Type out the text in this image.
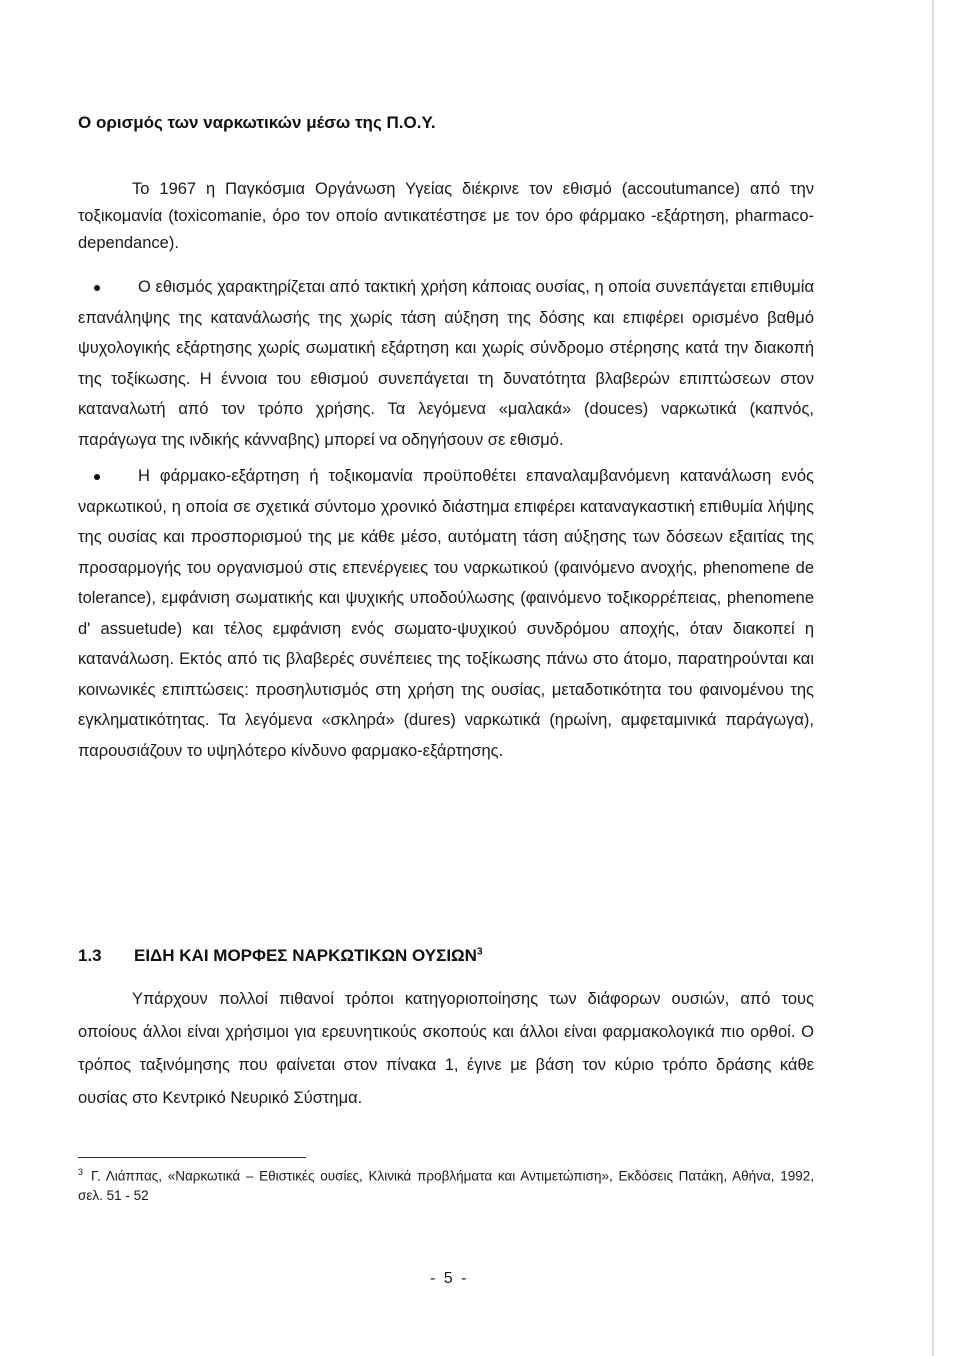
Ο ορισμός των ναρκωτικών μέσω της Π.Ο.Υ.
Το 1967 η Παγκόσμια Οργάνωση Υγείας διέκρινε τον εθισμό (accoutumance) από την τοξικομανία (toxicomanie, όρο τον οποίο αντικατέστησε με τον όρο φάρμακο -εξάρτηση, pharmaco-dependance).
Ο εθισμός χαρακτηρίζεται από τακτική χρήση κάποιας ουσίας, η οποία συνεπάγεται επιθυμία επανάληψης της κατανάλωσής της χωρίς τάση αύξηση της δόσης και επιφέρει ορισμένο βαθμό ψυχολογικής εξάρτησης χωρίς σωματική εξάρτηση και χωρίς σύνδρομο στέρησης κατά την διακοπή της τοξίκωσης. Η έννοια του εθισμού συνεπάγεται τη δυνατότητα βλαβερών επιπτώσεων στον καταναλωτή από τον τρόπο χρήσης. Τα λεγόμενα «μαλακά» (douces) ναρκωτικά (καπνός, παράγωγα της ινδικής κάνναβης) μπορεί να οδηγήσουν σε εθισμό.
Η φάρμακο-εξάρτηση ή τοξικομανία προϋποθέτει επαναλαμβανόμενη κατανάλωση ενός ναρκωτικού, η οποία σε σχετικά σύντομο χρονικό διάστημα επιφέρει καταναγκαστική επιθυμία λήψης της ουσίας και προσπορισμού της με κάθε μέσο, αυτόματη τάση αύξησης των δόσεων εξαιτίας της προσαρμογής του οργανισμού στις επενέργειες του ναρκωτικού (φαινόμενο ανοχής, phenomene de tolerance), εμφάνιση σωματικής και ψυχικής υποδούλωσης (φαινόμενο τοξικορρέπειας, phenomene d' assuetude) και τέλος εμφάνιση ενός σωματο-ψυχικού συνδρόμου αποχής, όταν διακοπεί η κατανάλωση. Εκτός από τις βλαβερές συνέπειες της τοξίκωσης πάνω στο άτομο, παρατηρούνται και κοινωνικές επιπτώσεις: προσηλυτισμός στη χρήση της ουσίας, μεταδοτικότητα του φαινομένου της εγκληματικότητας. Τα λεγόμενα «σκληρά» (dures) ναρκωτικά (ηρωίνη, αμφεταμινικά παράγωγα), παρουσιάζουν το υψηλότερο κίνδυνο φαρμακο-εξάρτησης.
1.3 ΕΙΔΗ ΚΑΙ ΜΟΡΦΕΣ ΝΑΡΚΩΤΙΚΩΝ ΟΥΣΙΩΝ$^3$
Υπάρχουν πολλοί πιθανοί τρόποι κατηγοριοποίησης των διάφορων ουσιών, από τους οποίους άλλοι είναι χρήσιμοι για ερευνητικούς σκοπούς και άλλοι είναι φαρμακολογικά πιο ορθοί. Ο τρόπος ταξινόμησης που φαίνεται στον πίνακα 1, έγινε με βάση τον κύριο τρόπο δράσης κάθε ουσίας στο Κεντρικό Νευρικό Σύστημα.
$^3$ Γ. Λιάππας, «Ναρκωτικά – Εθιστικές ουσίες, Κλινικά προβλήματα και Αντιμετώπιση», Εκδόσεις Πατάκη, Αθήνα, 1992, σελ. 51 - 52
- 5 -
